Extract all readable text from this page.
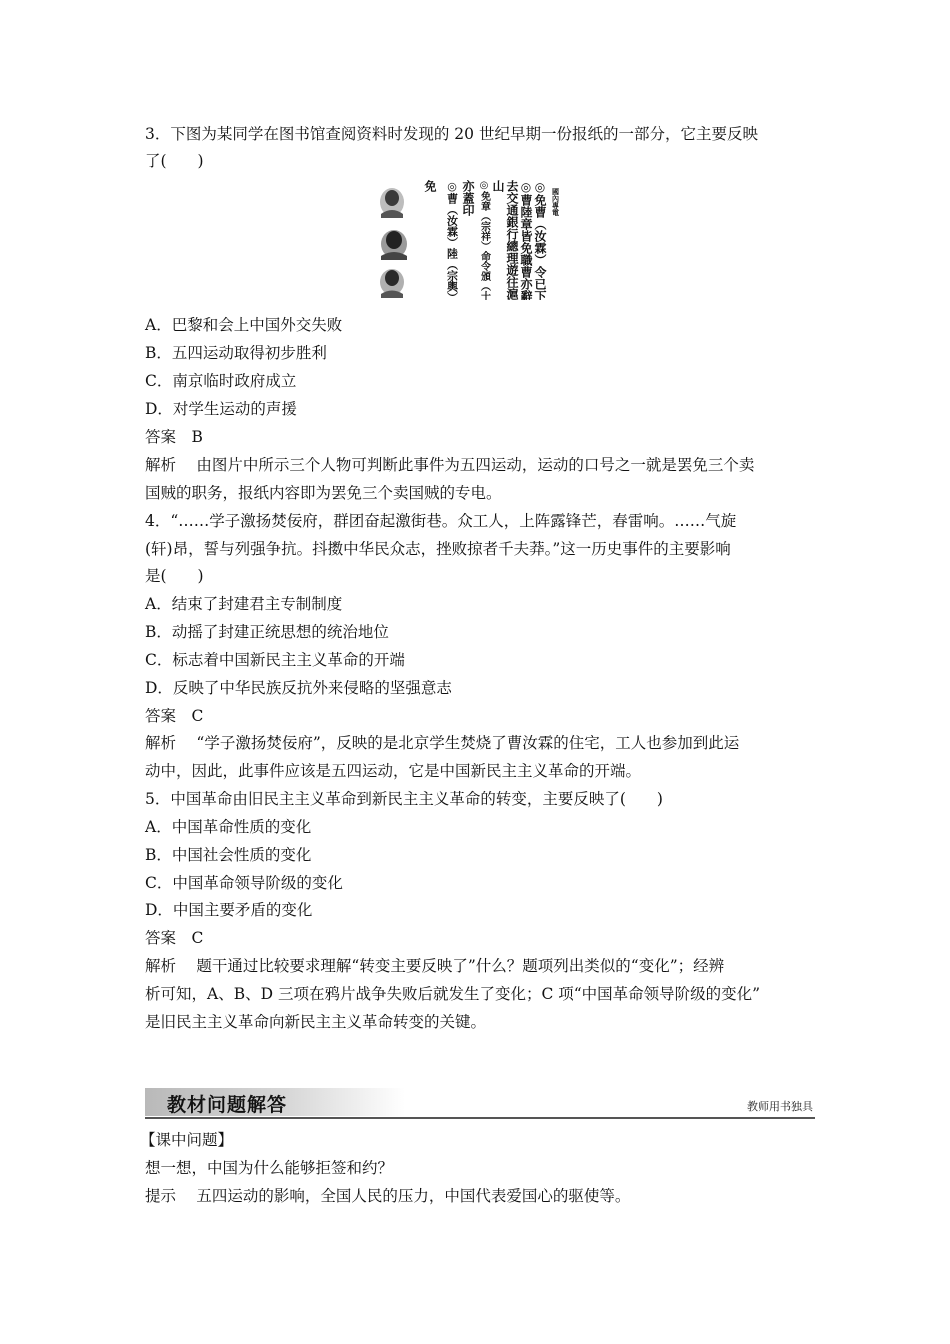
3．下图为某同学在图书馆查阅资料时发现的 20 世纪早期一份报纸的一部分，它主要反映
了(　　)
國內專電
◎免曹（汝霖）令已下
◎曹陸章皆免職曹亦辭
去交通銀行總理遊往滬
山
◎免章（宗祥）命令頒（十日）
亦蓋印
◎曹（汝霖）陸（宗輿）即日能
免
A．巴黎和会上中国外交失败
B．五四运动取得初步胜利
C．南京临时政府成立
D．对学生运动的声援
答案　B
解析　 由图片中所示三个人物可判断此事件为五四运动，运动的口号之一就是罢免三个卖
国贼的职务，报纸内容即为罢免三个卖国贼的专电。
4．“……学子激扬焚佞府，群团奋起激街巷。众工人，上阵露锋芒，春雷响。……气旋
(轩)昂，誓与列强争抗。抖擞中华民众志，挫败掠者千夫莽。”这一历史事件的主要影响
是(　　)
A．结束了封建君主专制制度
B．动摇了封建正统思想的统治地位
C．标志着中国新民主主义革命的开端
D．反映了中华民族反抗外来侵略的坚强意志
答案　C
解析　 “学子激扬焚佞府”，反映的是北京学生焚烧了曹汝霖的住宅，工人也参加到此运
动中，因此，此事件应该是五四运动，它是中国新民主主义革命的开端。
5．中国革命由旧民主主义革命到新民主主义革命的转变，主要反映了(　　)
A．中国革命性质的变化
B．中国社会性质的变化
C．中国革命领导阶级的变化
D．中国主要矛盾的变化
答案　C
解析　 题干通过比较要求理解“转变主要反映了”什么？题项列出类似的“变化”；经辨
析可知，A、B、D 三项在鸦片战争失败后就发生了变化；C 项“中国革命领导阶级的变化”
是旧民主主义革命向新民主主义革命转变的关键。
教材问题解答	教师用书独具
【课中问题】
想一想，中国为什么能够拒签和约？
提示　 五四运动的影响，全国人民的压力，中国代表爱国心的驱使等。
